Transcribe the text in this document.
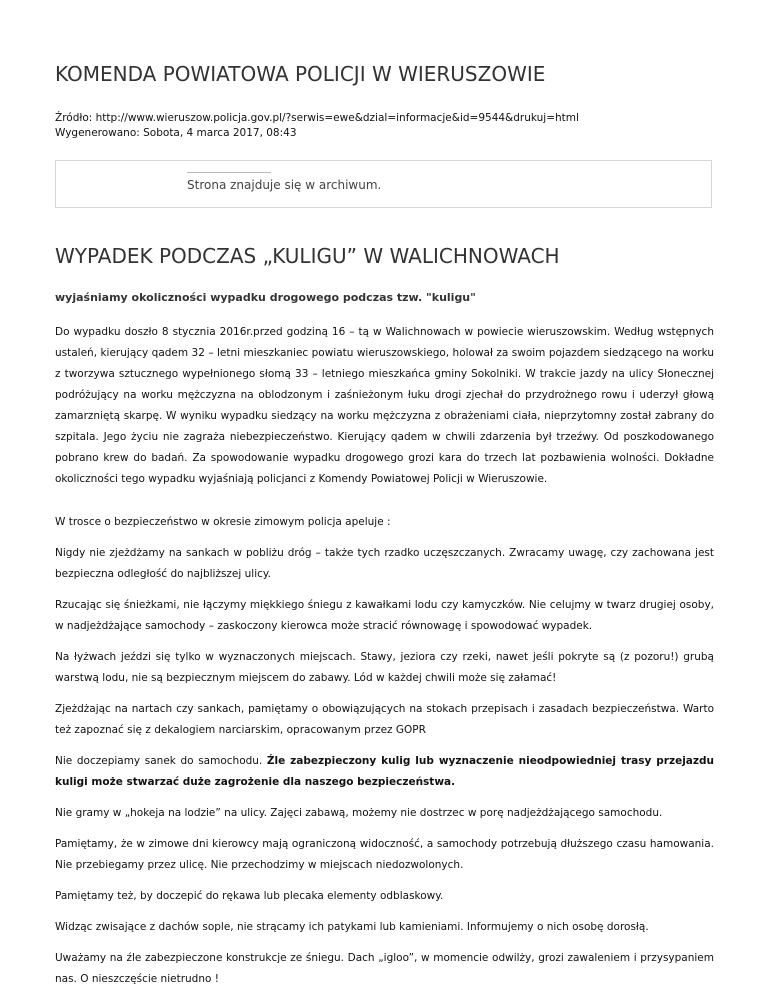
KOMENDA POWIATOWA POLICJI W WIERUSZOWIE
Źródło: http://www.wieruszow.policja.gov.pl/?serwis=ewe&dzial=informacje&id=9544&drukuj=html
Wygenerowano: Sobota, 4 marca 2017, 08:43
Strona znajduje się w archiwum.
WYPADEK PODCZAS „KULIGU” W WALICHNOWACH
wyjaśniamy okoliczności wypadku drogowego podczas tzw. "kuligu"

Do wypadku doszło 8 stycznia 2016r.przed godziną 16 – tą w Walichnowach w powiecie wieruszowskim. Według wstępnych ustaleń, kierujący qadem 32 – letni mieszkaniec powiatu wieruszowskiego, holował za swoim pojazdem siedzącego na worku z tworzywa sztucznego wypełnionego słomą 33 – letniego mieszkańca gminy Sokolniki. W trakcie jazdy na ulicy Słonecznej podróżujący na worku mężczyzna na oblodzonym i zaśnieżonym łuku drogi zjechał do przydrożnego rowu i uderzył głową zamarzniętą skarpę. W wyniku wypadku siedzący na worku mężczyzna z obrażeniami ciała, nieprzytomny został zabrany do szpitala. Jego życiu nie zagraża niebezpieczeństwo. Kierujący qadem w chwili zdarzenia był trzeźwy. Od poszkodowanego pobrano krew do badań. Za spowodowanie wypadku drogowego grozi kara do trzech lat pozbawienia wolności. Dokładne okoliczności tego wypadku wyjaśniają policjanci z Komendy Powiatowej Policji w Wieruszowie.

W trosce o bezpieczeństwo w okresie zimowym policja apeluje :

Nigdy nie zjeżdżamy na sankach w pobliżu dróg – także tych rzadko uczęszczanych. Zwracamy uwagę, czy zachowana jest bezpieczna odległość do najbliższej ulicy.

Rzucając się śnieżkami, nie łączymy miękkiego śniegu z kawałkami lodu czy kamyczków. Nie celujmy w twarz drugiej osoby, w nadjeżdżające samochody – zaskoczony kierowca może stracić równowagę i spowodować wypadek.

Na łyżwach jeździ się tylko w wyznaczonych miejscach. Stawy, jeziora czy rzeki, nawet jeśli pokryte są (z pozoru!) grubą warstwą lodu, nie są bezpiecznym miejscem do zabawy. Lód w każdej chwili może się załamać!

Zjeżdżając na nartach czy sankach, pamiętamy o obowiązujących na stokach przepisach i zasadach bezpieczeństwa. Warto też zapoznać się z dekalogiem narciarskim, opracowanym przez GOPR

Nie doczepiamy sanek do samochodu. Źle zabezpieczony kulig lub wyznaczenie nieodpowiedniej trasy przejazdu kuligi może stwarzać duże zagrożenie dla naszego bezpieczeństwa.

Nie gramy w „hokeja na lodzie” na ulicy. Zajęci zabawą, możemy nie dostrzec w porę nadjeżdżającego samochodu.

Pamiętamy, że w zimowe dni kierowcy mają ograniczoną widoczność, a samochody potrzebują dłuższego czasu hamowania. Nie przebiegamy przez ulicę. Nie przechodzimy w miejscach niedozwolonych.

Pamiętamy też, by doczepić do rękawa lub plecaka elementy odblaskowy.

Widząc zwisające z dachów sople, nie strącamy ich patykami lub kamieniami. Informujemy o nich osobę dorosłą.

Uważamy na źle zabezpieczone konstrukcje ze śniegu. Dach „igloo”, w momencie odwilży, grozi zawaleniem i przysypaniem nas. O nieszczęście nietrudno !
